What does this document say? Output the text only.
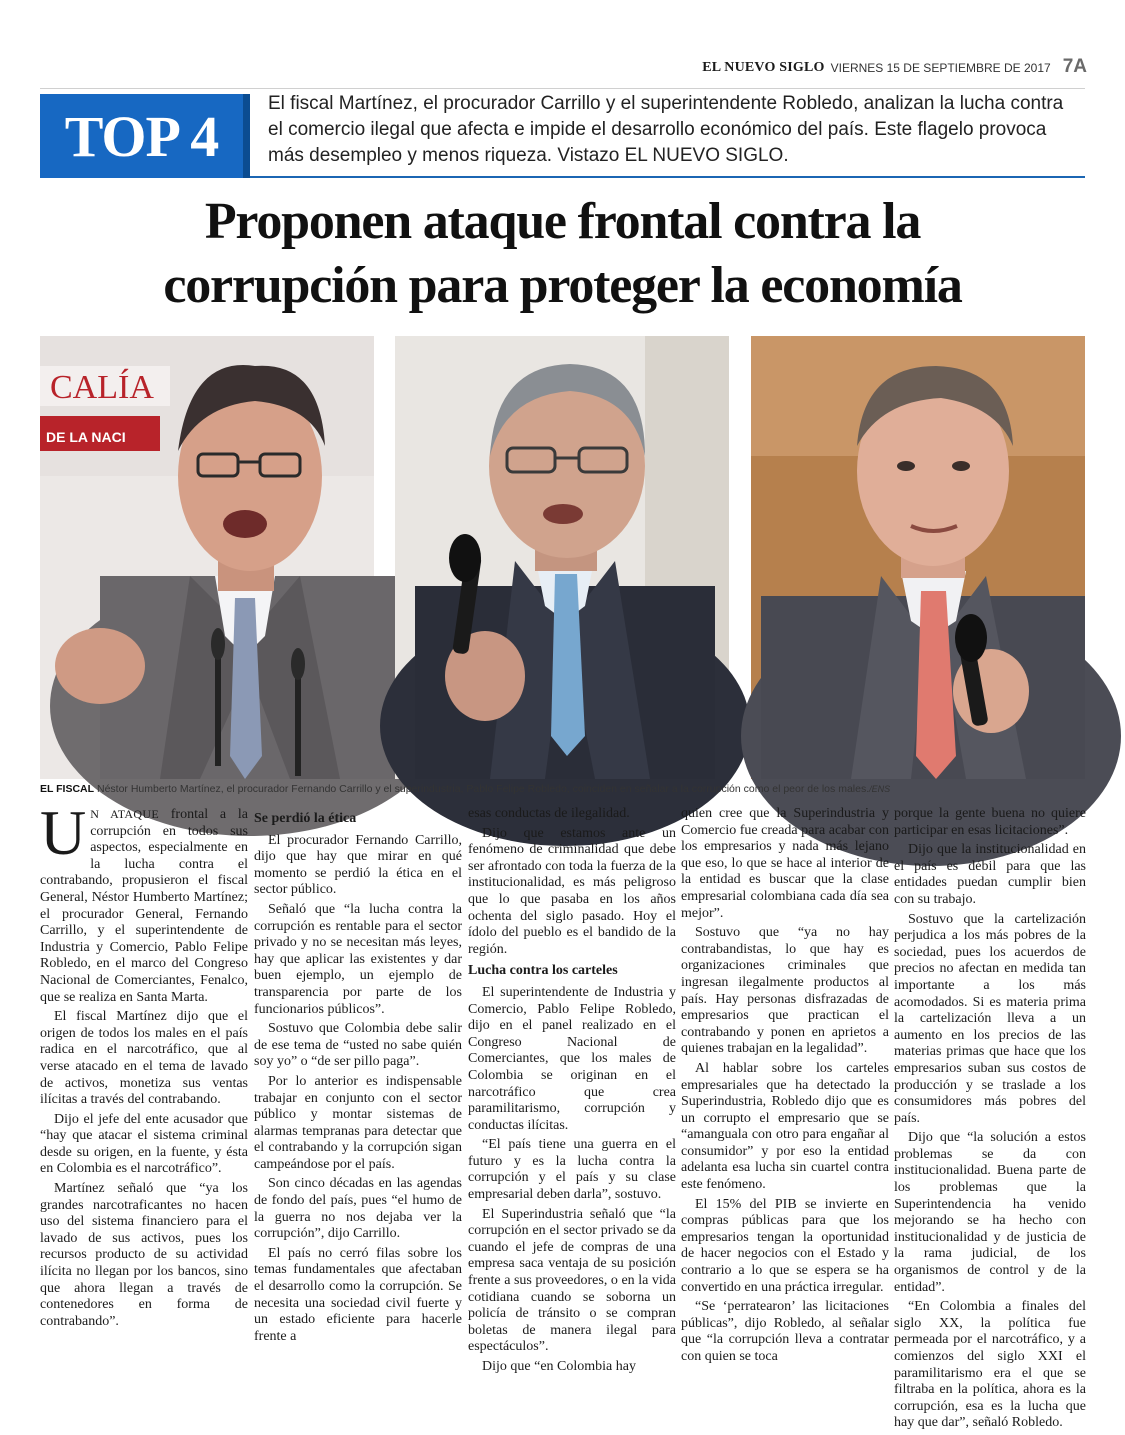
EL NUEVO SIGLO VIERNES 15 DE SEPTIEMBRE DE 2017 7A
TOP 4	El fiscal Martínez, el procurador Carrillo y el superintendente Robledo, analizan la lucha contra el comercio ilegal que afecta e impide el desarrollo económico del país. Este flagelo provoca más desempleo y menos riqueza. Vistazo EL NUEVO SIGLO.
Proponen ataque frontal contra la
corrupción para proteger la economía
CALÍA
DE LA NACI
EL FISCAL Néstor Humberto Martínez, el procurador Fernando Carrillo y el superindustria, Pablo Felipe Robledo, coinciden en señalar a la corrupción como el peor de los males./ENS

U N ATAQUE frontal a la corrupción en todos sus aspectos, especialmente en la lucha contra el contrabando, propusieron el fiscal General, Néstor Humberto Martínez; el procurador General, Fernando Carrillo, y el superintendente de Industria y Comercio, Pablo Felipe Robledo, en el marco del Congreso Nacional de Comerciantes, Fenalco, que se realiza en Santa Marta.

El fiscal Martínez dijo que el origen de todos los males en el país radica en el narcotráfico, que al verse atacado en el tema de lavado de activos, monetiza sus ventas ilícitas a través del contrabando.

Dijo el jefe del ente acusador que “hay que atacar el sistema criminal desde su origen, en la fuente, y ésta en Colombia es el narcotráfico”.

Martínez señaló que “ya los grandes narcotraficantes no hacen uso del sistema financiero para el lavado de sus activos, pues los recursos producto de su actividad ilícita no llegan por los bancos, sino que ahora llegan a través de contenedores en forma de contrabando”.

Se perdió la ética

El procurador Fernando Carrillo, dijo que hay que mirar en qué momento se perdió la ética en el sector público.

Señaló que “la lucha contra la corrupción es rentable para el sector privado y no se necesitan más leyes, hay que aplicar las existentes y dar buen ejemplo, un ejemplo de transparencia por parte de los funcionarios públicos”.

Sostuvo que Colombia debe salir de ese tema de “usted no sabe quién soy yo” o “de ser pillo paga”.

Por lo anterior es indispensable trabajar en conjunto con el sector público y montar sistemas de alarmas tempranas para detectar que el contrabando y la corrupción sigan campeándose por el país.

Son cinco décadas en las agendas de fondo del país, pues “el humo de la guerra no nos dejaba ver la corrupción”, dijo Carrillo.

El país no cerró filas sobre los temas fundamentales que afectaban el desarrollo como la corrupción. Se necesita una sociedad civil fuerte y un estado eficiente para hacerle frente a

esas conductas de ilegalidad.

Dijo que estamos ante un fenómeno de criminalidad que debe ser afrontado con toda la fuerza de la institucionalidad, es más peligroso que lo que pasaba en los años ochenta del siglo pasado. Hoy el ídolo del pueblo es el bandido de la región.

Lucha contra los carteles

El superintendente de Industria y Comercio, Pablo Felipe Robledo, dijo en el panel realizado en el Congreso Nacional de Comerciantes, que los males de Colombia se originan en el narcotráfico que crea paramilitarismo, corrupción y conductas ilícitas.

“El país tiene una guerra en el futuro y es la lucha contra la corrupción y el país y su clase empresarial deben darla”, sostuvo.

El Superindustria señaló que “la corrupción en el sector privado se da cuando el jefe de compras de una empresa saca ventaja de su posición frente a sus proveedores, o en la vida cotidiana cuando se soborna un policía de tránsito o se compran boletas de manera ilegal para espectáculos”.

Dijo que “en Colombia hay

quien cree que la Superindustria y Comercio fue creada para acabar con los empresarios y nada más lejano que eso, lo que se hace al interior de la entidad es buscar que la clase empresarial colombiana cada día sea mejor”.

Sostuvo que “ya no hay contrabandistas, lo que hay es organizaciones criminales que ingresan ilegalmente productos al país. Hay personas disfrazadas de empresarios que practican el contrabando y ponen en aprietos a quienes trabajan en la legalidad”.

Al hablar sobre los carteles empresariales que ha detectado la Superindustria, Robledo dijo que es un corrupto el empresario que se “amanguala con otro para engañar al consumidor” y por eso la entidad adelanta esa lucha sin cuartel contra este fenómeno.

El 15% del PIB se invierte en compras públicas para que los empresarios tengan la oportunidad de hacer negocios con el Estado y contrario a lo que se espera se ha convertido en una práctica irregular.

“Se ‘perratearon’ las licitaciones públicas”, dijo Robledo, al señalar que “la corrupción lleva a contratar con quien se toca

porque la gente buena no quiere participar en esas licitaciones”.

Dijo que la institucionalidad en el país es débil para que las entidades puedan cumplir bien con su trabajo.

Sostuvo que la cartelización perjudica a los más pobres de la sociedad, pues los acuerdos de precios no afectan en medida tan importante a los más acomodados. Si es materia prima la cartelización lleva a un aumento en los precios de las materias primas que hace que los empresarios suban sus costos de producción y se traslade a los consumidores más pobres del país.

Dijo que “la solución a estos problemas se da con institucionalidad. Buena parte de los problemas que la Superintendencia ha venido mejorando se ha hecho con institucionalidad y de justicia de la rama judicial, de los organismos de control y de la entidad”.

“En Colombia a finales del siglo XX, la política fue permeada por el narcotráfico, y a comienzos del siglo XXI el paramilitarismo era el que se filtraba en la política, ahora es la corrupción, esa es la lucha que hay que dar”, señaló Robledo.
